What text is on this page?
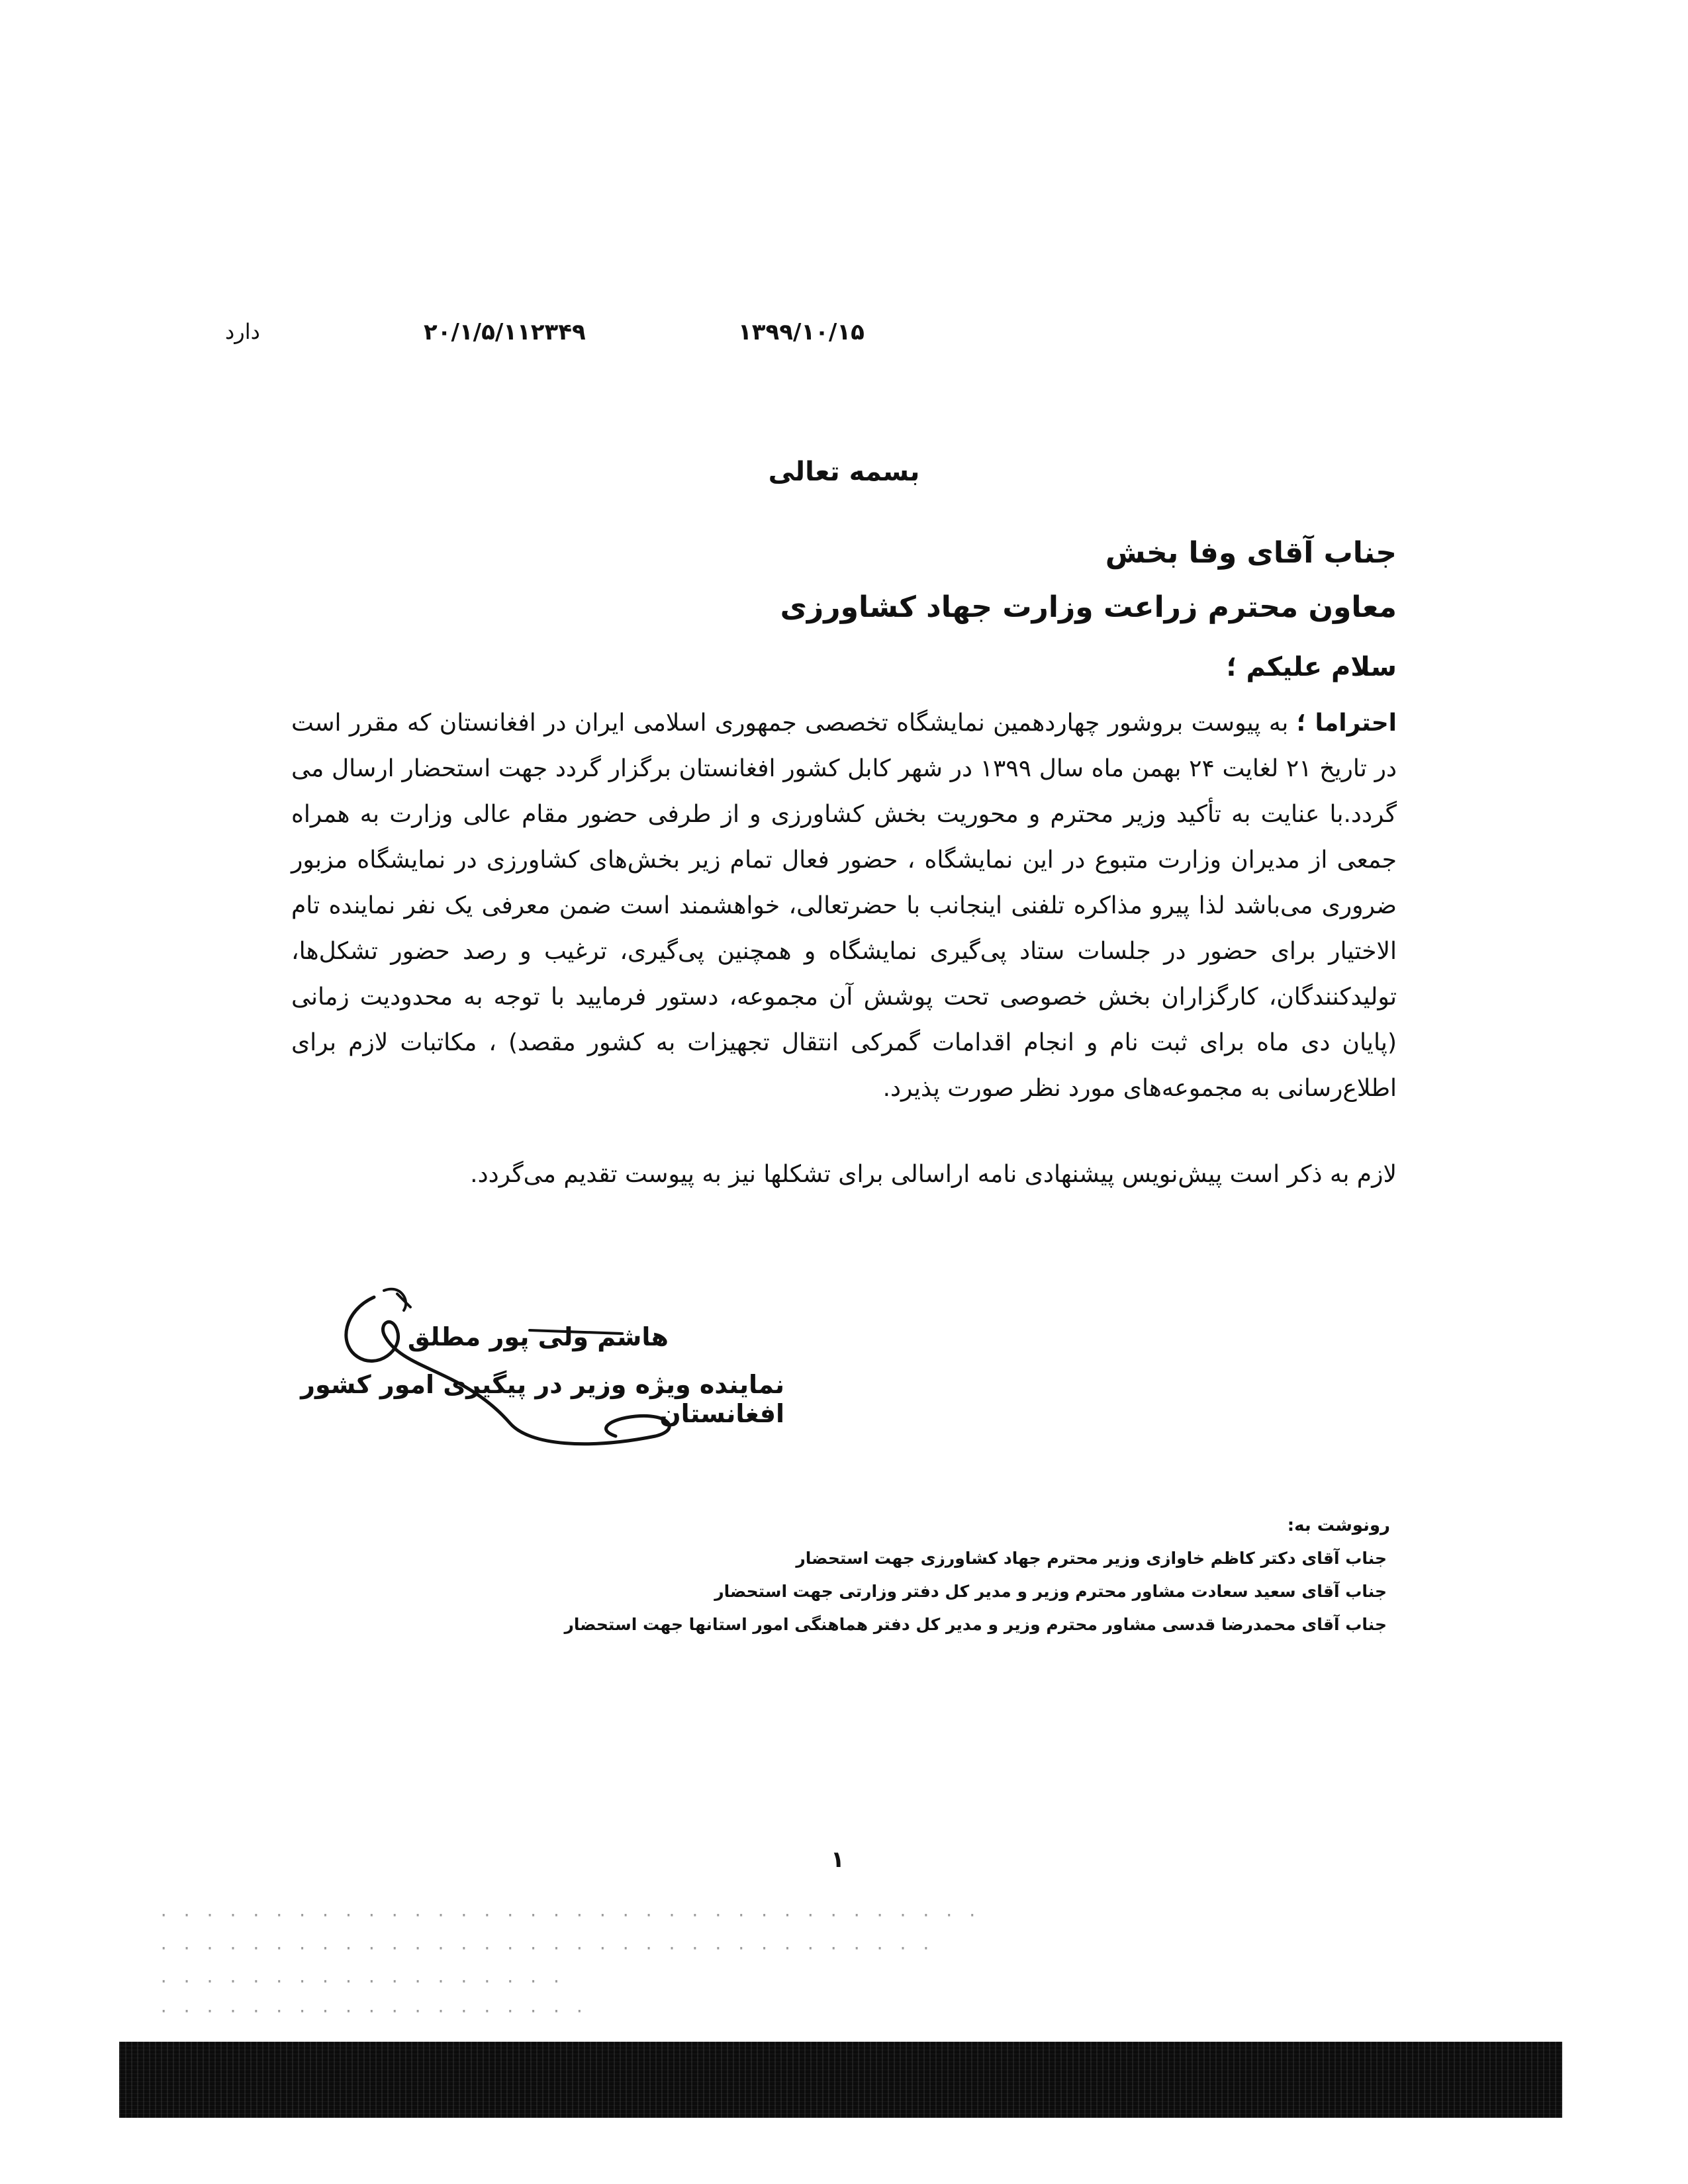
۱۳۹۹/۱۰/۱۵
۲۰/۱/۵/۱۱۲۳۴۹
دارد
بسمه تعالی
جناب آقای وفا بخش
معاون محترم زراعت وزارت جهاد کشاورزی
سلام علیکم ؛
احتراما ؛ به پیوست بروشور چهاردهمین نمایشگاه تخصصی جمهوری اسلامی ایران در افغانستان که مقرر است در تاریخ ۲۱ لغایت ۲۴ بهمن ماه سال ۱۳۹۹ در شهر کابل کشور افغانستان برگزار گردد جهت استحضار ارسال می گردد.با عنایت به تأکید وزیر محترم و محوریت بخش کشاورزی و از طرفی حضور مقام عالی وزارت به همراه جمعی از مدیران وزارت متبوع در این نمایشگاه ، حضور فعال تمام زیر بخش‌های کشاورزی در نمایشگاه مزبور ضروری می‌باشد لذا پیرو مذاکره تلفنی اینجانب با حضرتعالی، خواهشمند است ضمن معرفی یک نفر نماینده تام الاختیار برای حضور در جلسات ستاد پی‌گیری نمایشگاه و همچنین پی‌گیری، ترغیب و رصد حضور تشکل‌ها، تولیدکنندگان، کارگزاران بخش خصوصی تحت پوشش آن مجموعه، دستور فرمایید با توجه به محدودیت زمانی (پایان دی ماه برای ثبت نام و انجام اقدامات گمرکی انتقال تجهیزات به کشور مقصد) ، مکاتبات لازم برای اطلاع‌رسانی به مجموعه‌های مورد نظر صورت پذیرد.
لازم به ذکر است پیش‌نویس پیشنهادی نامه اراسالی برای تشکلها نیز به پیوست تقدیم می‌گردد.
هاشم ولی پور مطلق
نماینده ویژه وزیر در پیگیری امور کشور افغانستان
رونوشت به:
جناب آقای دکتر کاظم خاوازی وزیر محترم جهاد کشاورزی جهت استحضار
جناب آقای سعید سعادت مشاور محترم وزیر و مدیر کل دفتر وزارتی جهت استحضار
جناب آقای محمدرضا قدسی مشاور محترم وزیر و مدیر کل دفتر هماهنگی امور استانها جهت استحضار
۱
· · · · · · · · · · · · · · · · · · · · · · · · · · · · · · · · · · · ·
· · · · · · · · · · · · · · · · · · · · · · · · · · · · · · · · · ·
· · · · · · · · · · · · · · · · · ·
· · · · · · · · · · · · · · · · · · ·
